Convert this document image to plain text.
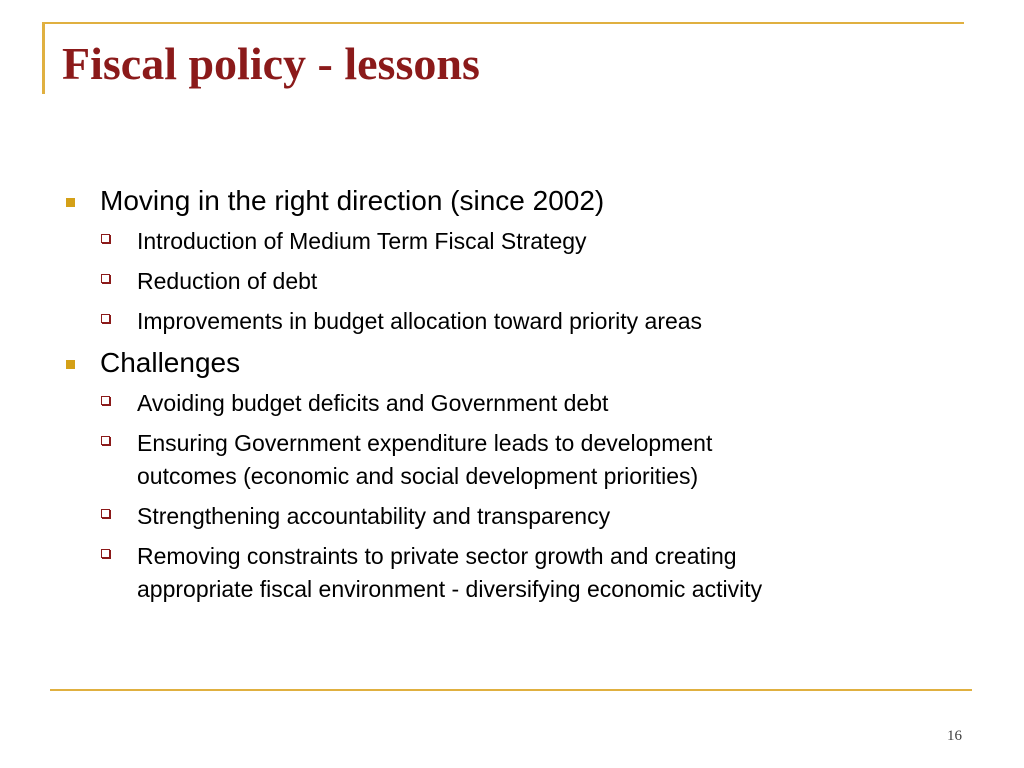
Fiscal policy - lessons
Moving in the right direction (since 2002)
Introduction of Medium Term Fiscal Strategy
Reduction of debt
Improvements in budget allocation toward priority areas
Challenges
Avoiding budget deficits and Government debt
Ensuring Government expenditure leads to development
outcomes (economic and social development priorities)
Strengthening accountability and transparency
Removing constraints to private sector growth and creating
appropriate fiscal environment - diversifying economic activity
16
